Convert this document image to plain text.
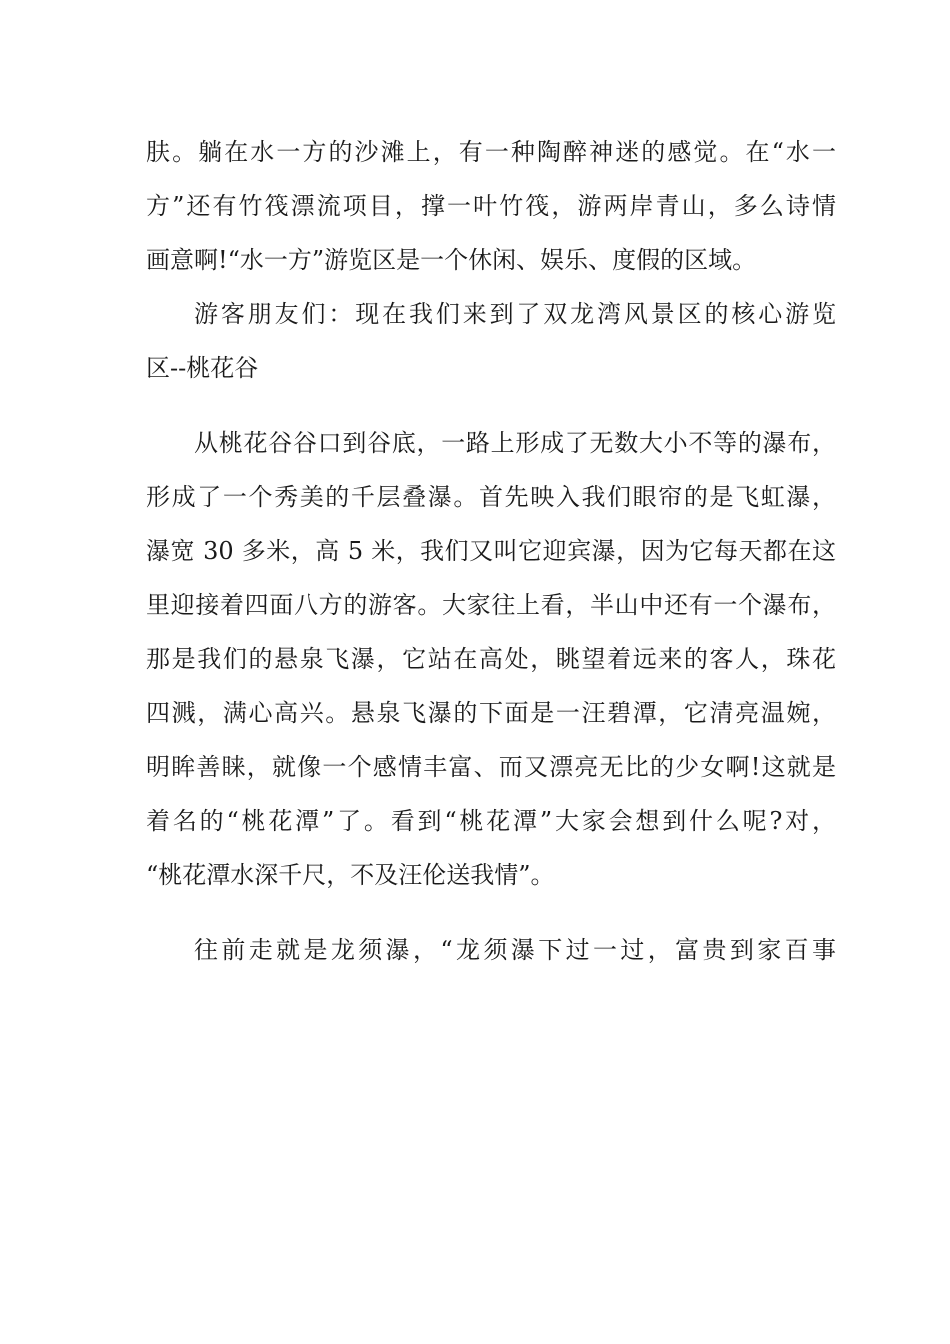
肤。躺在水一方的沙滩上，有一种陶醉神迷的感觉。在“水一
方”还有竹筏漂流项目，撑一叶竹筏，游两岸青山，多么诗情
画意啊!“水一方”游览区是一个休闲、娱乐、度假的区域。
游客朋友们：现在我们来到了双龙湾风景区的核心游览
区--桃花谷
从桃花谷谷口到谷底，一路上形成了无数大小不等的瀑布，
形成了一个秀美的千层叠瀑。首先映入我们眼帘的是飞虹瀑，
瀑宽 30 多米，高 5 米，我们又叫它迎宾瀑，因为它每天都在这
里迎接着四面八方的游客。大家往上看，半山中还有一个瀑布，
那是我们的悬泉飞瀑，它站在高处，眺望着远来的客人，珠花
四溅，满心高兴。悬泉飞瀑的下面是一汪碧潭，它清亮温婉，
明眸善睐，就像一个感情丰富、而又漂亮无比的少女啊!这就是
着名的“桃花潭”了。看到“桃花潭”大家会想到什么呢?对，
“桃花潭水深千尺，不及汪伦送我情”。
往前走就是龙须瀑，“龙须瀑下过一过，富贵到家百事
